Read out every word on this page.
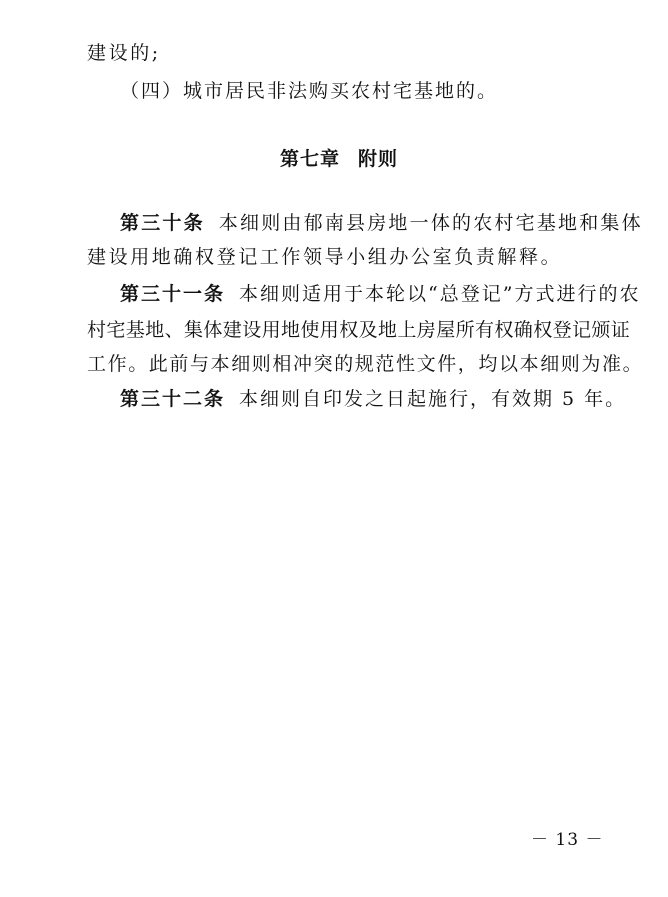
建设的;
（四）城市居民非法购买农村宅基地的。
第七章 附则
第三十条 本细则由郁南县房地一体的农村宅基地和集体
建设用地确权登记工作领导小组办公室负责解释。
第三十一条 本细则适用于本轮以“总登记”方式进行的农
村宅基地、集体建设用地使用权及地上房屋所有权确权登记颁证
工作。此前与本细则相冲突的规范性文件，均以本细则为准。
第三十二条 本细则自印发之日起施行，有效期 5 年。
－ 13 －
